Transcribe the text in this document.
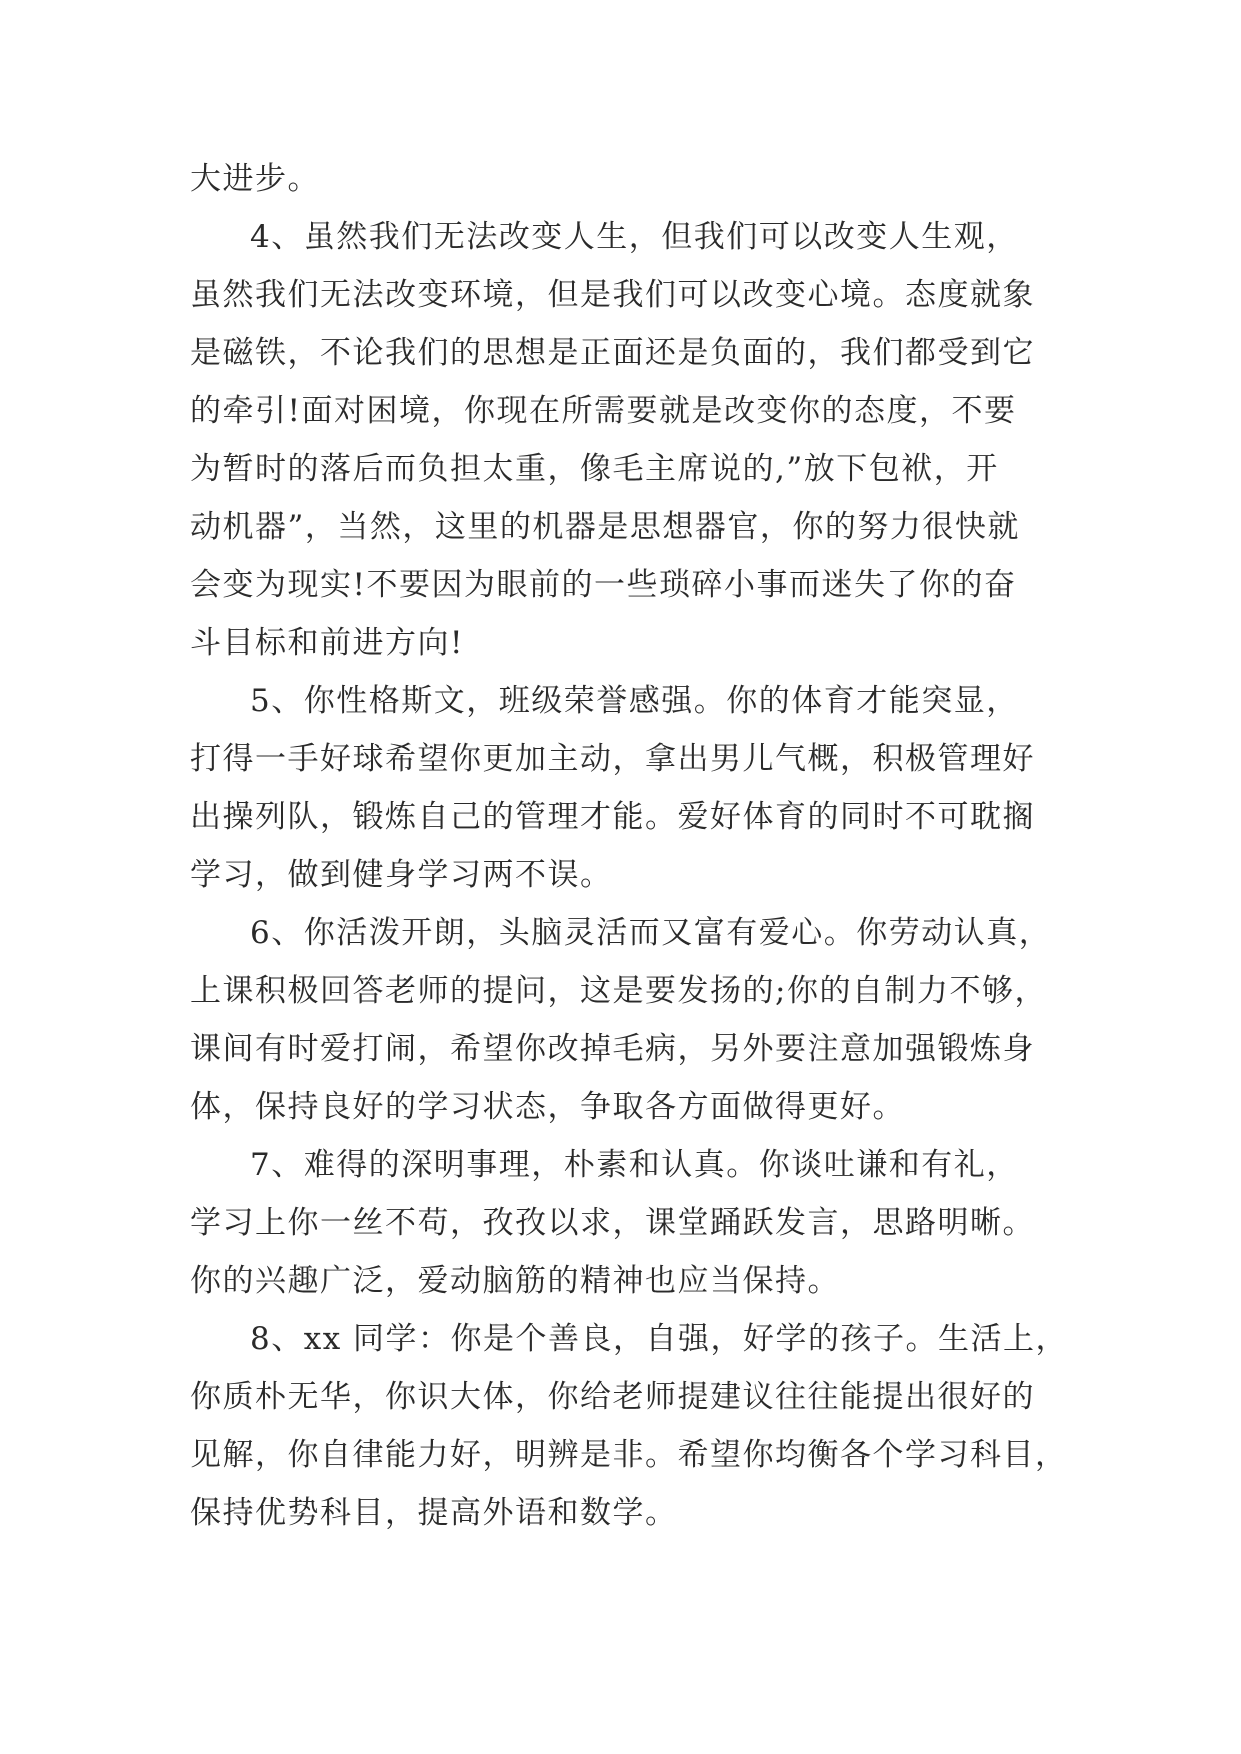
大进步。
4、虽然我们无法改变人生，但我们可以改变人生观，
虽然我们无法改变环境，但是我们可以改变心境。态度就象
是磁铁，不论我们的思想是正面还是负面的，我们都受到它
的牵引!面对困境，你现在所需要就是改变你的态度，不要
为暂时的落后而负担太重，像毛主席说的,”放下包袱，开
动机器”，当然，这里的机器是思想器官，你的努力很快就
会变为现实!不要因为眼前的一些琐碎小事而迷失了你的奋
斗目标和前进方向!
5、你性格斯文，班级荣誉感强。你的体育才能突显，
打得一手好球希望你更加主动，拿出男儿气概，积极管理好
出操列队，锻炼自己的管理才能。爱好体育的同时不可耽搁
学习，做到健身学习两不误。
6、你活泼开朗，头脑灵活而又富有爱心。你劳动认真，
上课积极回答老师的提问，这是要发扬的;你的自制力不够，
课间有时爱打闹，希望你改掉毛病，另外要注意加强锻炼身
体，保持良好的学习状态，争取各方面做得更好。
7、难得的深明事理，朴素和认真。你谈吐谦和有礼，
学习上你一丝不苟，孜孜以求，课堂踊跃发言，思路明晰。
你的兴趣广泛，爱动脑筋的精神也应当保持。
8、xx 同学：你是个善良，自强，好学的孩子。生活上，
你质朴无华，你识大体，你给老师提建议往往能提出很好的
见解，你自律能力好，明辨是非。希望你均衡各个学习科目，
保持优势科目，提高外语和数学。
